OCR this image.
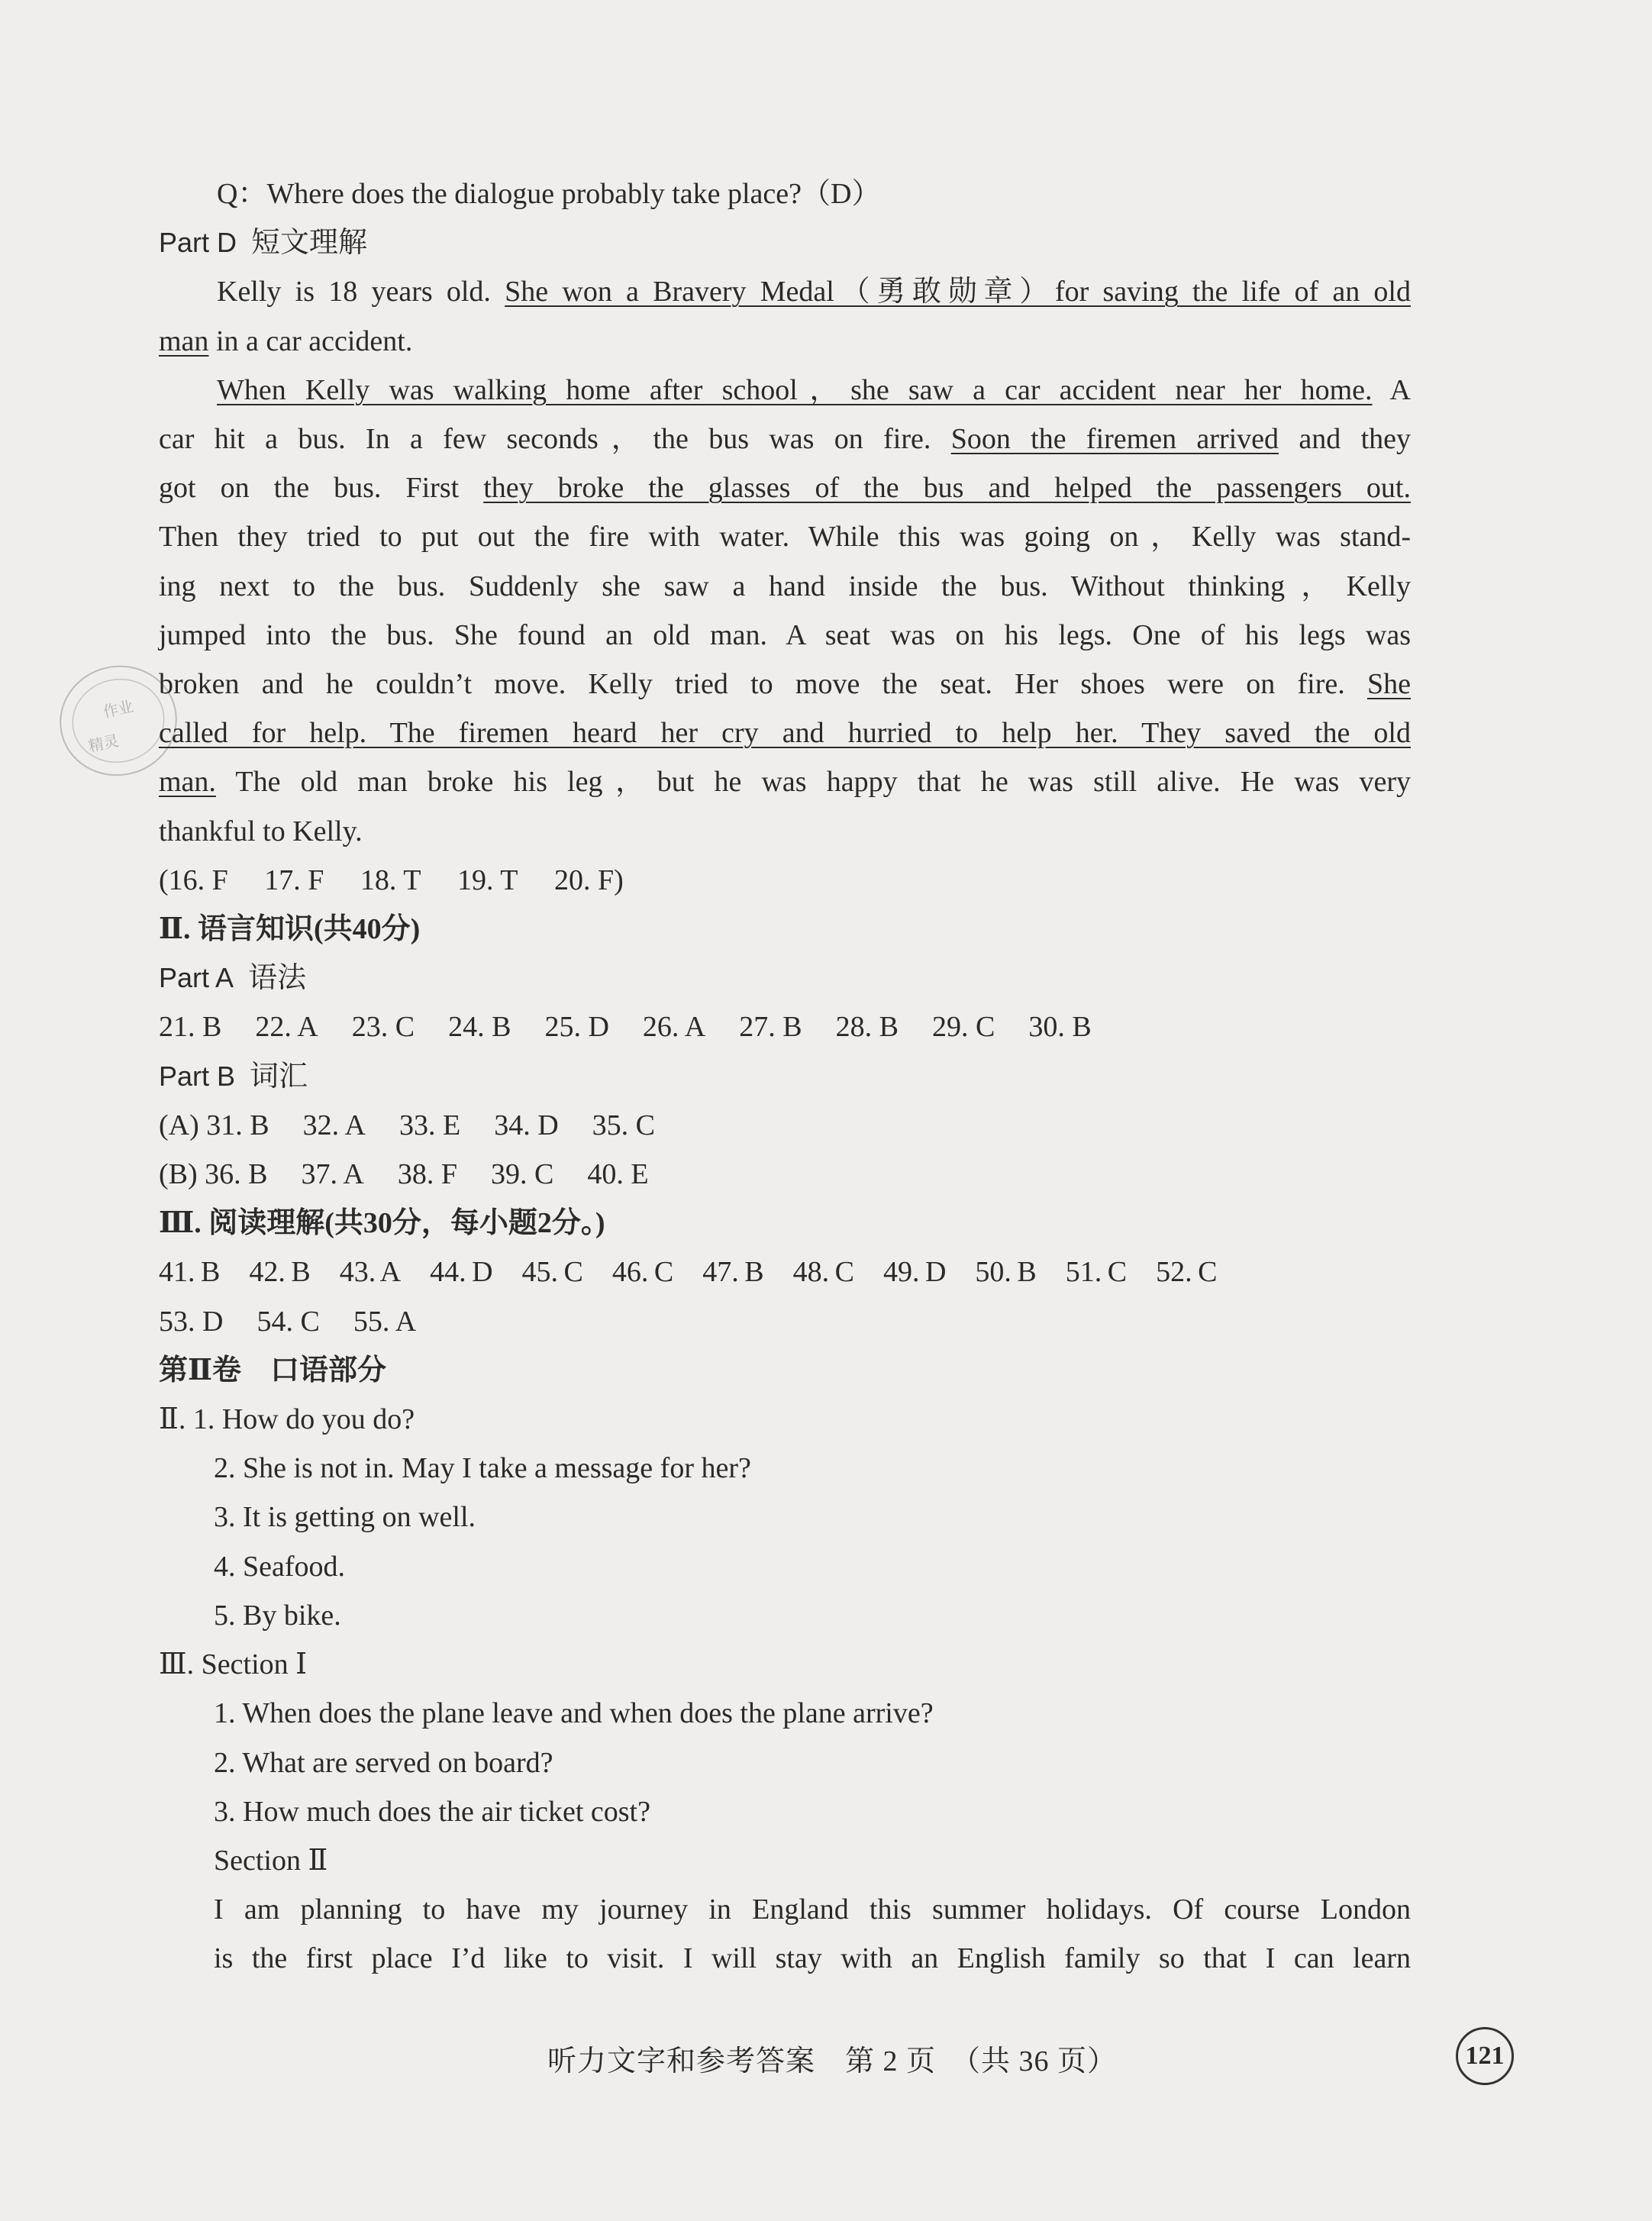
作业
精灵
Q：Where does the dialogue probably take place?（D）
Part D 短文理解
Kelly is 18 years old. She won a Bravery Medal（勇敢勋章）for saving the life of an old
man in a car accident.
When Kelly was walking home after school，she saw a car accident near her home. A
car hit a bus. In a few seconds，the bus was on fire. Soon the firemen arrived and they
got on the bus. First they broke the glasses of the bus and helped the passengers out.
Then they tried to put out the fire with water. While this was going on，Kelly was stand-
ing next to the bus. Suddenly she saw a hand inside the bus. Without thinking，Kelly
jumped into the bus. She found an old man. A seat was on his legs. One of his legs was
broken and he couldn’t move. Kelly tried to move the seat. Her shoes were on fire. She
called for help. The firemen heard her cry and hurried to help her. They saved the old
man. The old man broke his leg，but he was happy that he was still alive. He was very
thankful to Kelly.
(16. F  17. F  18. T  19. T  20. F)
Ⅱ. 语言知识(共40分)
Part A 语法
21. B 22. A 23. C 24. B 25. D 26. A 27. B 28. B 29. C 30. B
Part B 词汇
(A) 31. B 32. A 33. E 34. D 35. C
(B) 36. B 37. A 38. F 39. C 40. E
Ⅲ. 阅读理解(共30分，每小题2分。)
41. B 42. B 43. A 44. D 45. C 46. C 47. B 48. C 49. D 50. B 51. C 52. C
53. D 54. C 55. A
第Ⅱ卷　口语部分
Ⅱ. 1. How do you do?
2. She is not in. May I take a message for her?
3. It is getting on well.
4. Seafood.
5. By bike.
Ⅲ. Section Ⅰ
1. When does the plane leave and when does the plane arrive?
2. What are served on board?
3. How much does the air ticket cost?
Section Ⅱ
I am planning to have my journey in England this summer holidays. Of course London
is the first place I’d like to visit. I will stay with an English family so that I can learn
听力文字和参考答案　第 2 页　（共 36 页）	121
